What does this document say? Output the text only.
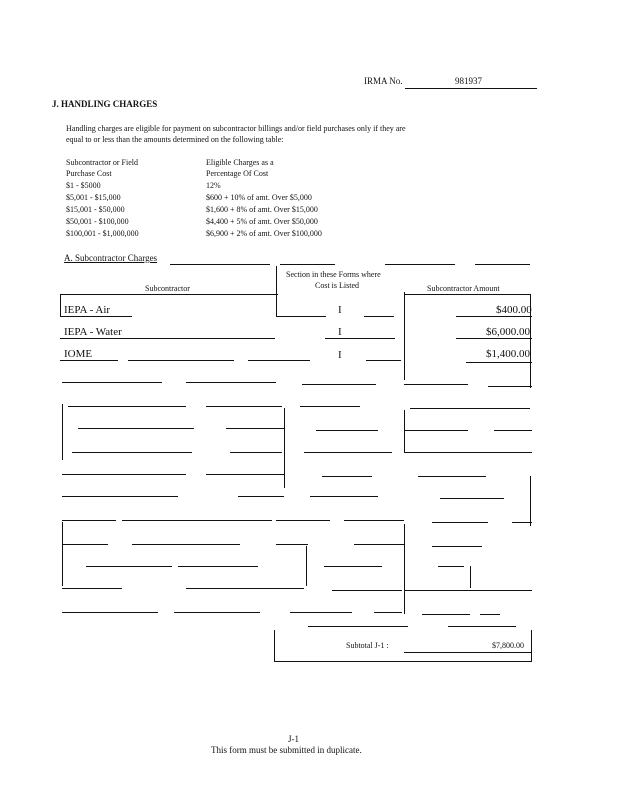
IRMA No.	981937
J. HANDLING CHARGES
Handling charges are eligible for payment on subcontractor billings and/or field purchases only if they are
equal to or less than the amounts determined on the following table:
Subcontractor or Field
Purchase Cost
Eligible Charges as a
Percentage Of Cost
$1 - $5000	12%
$5,001 - $15,000	$600 + 10% of amt. Over $5,000
$15,001 - $50,000	$1,600 + 8% of amt. Over $15,000
$50,001 - $100,000	$4,400 + 5% of amt. Over $50,000
$100,001 - $1,000,000	$6,900 + 2% of amt. Over $100,000
A. Subcontractor Charges
Section in these Forms where
Cost is Listed
Subcontractor	Subcontractor Amount
IEPA - Air	I	$400.00
IEPA - Water	I	$6,000.00
IOME	I	$1,400.00
Subtotal J-1 :	$7,800.00
J-1
This form must be submitted in duplicate.
